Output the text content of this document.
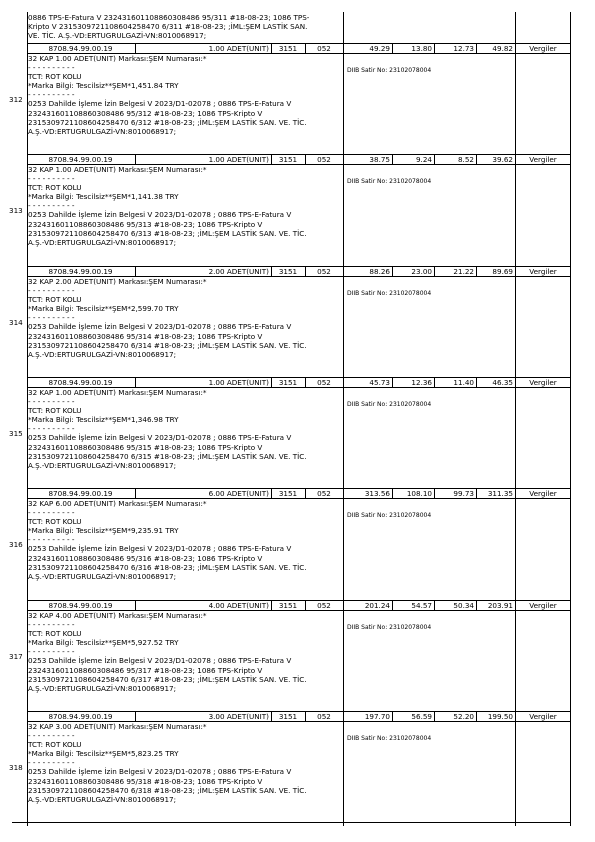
0886 TPS-E-Fatura V 232431601108860308486 95/311 #18-08-23; 1086 TPS-
Kripto V 2315309721108604258470 6/311 #18-08-23; ;İML:ŞEM LASTİK SAN.
VE. TİC. A.Ş.-VD:ERTUGRULGAZİ-VN:8010068917;
8708.94.99.00.19	1.00 ADET(UNIT)	3151	052	49.29	13.80	12.73	49.82	Vergiler
32 KAP 1.00 ADET(UNIT) Markası:ŞEM Numarası:*
- - - - - - - - - -
TCT: ROT KOLU
*Marka Bilgi: Tescilsiz**ŞEM*1,451.84 TRY
- - - - - - - - - -
0253 Dahilde İşleme İzin Belgesi V 2023/D1-02078 ; 0886 TPS-E-Fatura V
232431601108860308486 95/312 #18-08-23; 1086 TPS-Kripto V
2315309721108604258470 6/312 #18-08-23; ;İML:ŞEM LASTİK SAN. VE. TİC.
A.Ş.-VD:ERTUGRULGAZİ-VN:8010068917;
DIIB Satir No: 23102078004
312
8708.94.99.00.19	1.00 ADET(UNIT)	3151	052	38.75	9.24	8.52	39.62	Vergiler
32 KAP 1.00 ADET(UNIT) Markası:ŞEM Numarası:*
- - - - - - - - - -
TCT: ROT KOLU
*Marka Bilgi: Tescilsiz**ŞEM*1,141.38 TRY
- - - - - - - - - -
0253 Dahilde İşleme İzin Belgesi V 2023/D1-02078 ; 0886 TPS-E-Fatura V
232431601108860308486 95/313 #18-08-23; 1086 TPS-Kripto V
2315309721108604258470 6/313 #18-08-23; ;İML:ŞEM LASTİK SAN. VE. TİC.
A.Ş.-VD:ERTUGRULGAZİ-VN:8010068917;
DIIB Satir No: 23102078004
313
8708.94.99.00.19	2.00 ADET(UNIT)	3151	052	88.26	23.00	21.22	89.69	Vergiler
32 KAP 2.00 ADET(UNIT) Markası:ŞEM Numarası:*
- - - - - - - - - -
TCT: ROT KOLU
*Marka Bilgi: Tescilsiz**ŞEM*2,599.70 TRY
- - - - - - - - - -
0253 Dahilde İşleme İzin Belgesi V 2023/D1-02078 ; 0886 TPS-E-Fatura V
232431601108860308486 95/314 #18-08-23; 1086 TPS-Kripto V
2315309721108604258470 6/314 #18-08-23; ;İML:ŞEM LASTİK SAN. VE. TİC.
A.Ş.-VD:ERTUGRULGAZİ-VN:8010068917;
DIIB Satir No: 23102078004
314
8708.94.99.00.19	1.00 ADET(UNIT)	3151	052	45.73	12.36	11.40	46.35	Vergiler
32 KAP 1.00 ADET(UNIT) Markası:ŞEM Numarası:*
- - - - - - - - - -
TCT: ROT KOLU
*Marka Bilgi: Tescilsiz**ŞEM*1,346.98 TRY
- - - - - - - - - -
0253 Dahilde İşleme İzin Belgesi V 2023/D1-02078 ; 0886 TPS-E-Fatura V
232431601108860308486 95/315 #18-08-23; 1086 TPS-Kripto V
2315309721108604258470 6/315 #18-08-23; ;İML:ŞEM LASTİK SAN. VE. TİC.
A.Ş.-VD:ERTUGRULGAZİ-VN:8010068917;
DIIB Satir No: 23102078004
315
8708.94.99.00.19	6.00 ADET(UNIT)	3151	052	313.56	108.10	99.73	311.35	Vergiler
32 KAP 6.00 ADET(UNIT) Markası:ŞEM Numarası:*
- - - - - - - - - -
TCT: ROT KOLU
*Marka Bilgi: Tescilsiz**ŞEM*9,235.91 TRY
- - - - - - - - - -
0253 Dahilde İşleme İzin Belgesi V 2023/D1-02078 ; 0886 TPS-E-Fatura V
232431601108860308486 95/316 #18-08-23; 1086 TPS-Kripto V
2315309721108604258470 6/316 #18-08-23; ;İML:ŞEM LASTİK SAN. VE. TİC.
A.Ş.-VD:ERTUGRULGAZİ-VN:8010068917;
DIIB Satir No: 23102078004
316
8708.94.99.00.19	4.00 ADET(UNIT)	3151	052	201.24	54.57	50.34	203.91	Vergiler
32 KAP 4.00 ADET(UNIT) Markası:ŞEM Numarası:*
- - - - - - - - - -
TCT: ROT KOLU
*Marka Bilgi: Tescilsiz**ŞEM*5,927.52 TRY
- - - - - - - - - -
0253 Dahilde İşleme İzin Belgesi V 2023/D1-02078 ; 0886 TPS-E-Fatura V
232431601108860308486 95/317 #18-08-23; 1086 TPS-Kripto V
2315309721108604258470 6/317 #18-08-23; ;İML:ŞEM LASTİK SAN. VE. TİC.
A.Ş.-VD:ERTUGRULGAZİ-VN:8010068917;
DIIB Satir No: 23102078004
317
8708.94.99.00.19	3.00 ADET(UNIT)	3151	052	197.70	56.59	52.20	199.50	Vergiler
32 KAP 3.00 ADET(UNIT) Markası:ŞEM Numarası:*
- - - - - - - - - -
TCT: ROT KOLU
*Marka Bilgi: Tescilsiz**ŞEM*5,823.25 TRY
- - - - - - - - - -
0253 Dahilde İşleme İzin Belgesi V 2023/D1-02078 ; 0886 TPS-E-Fatura V
232431601108860308486 95/318 #18-08-23; 1086 TPS-Kripto V
2315309721108604258470 6/318 #18-08-23; ;İML:ŞEM LASTİK SAN. VE. TİC.
A.Ş.-VD:ERTUGRULGAZİ-VN:8010068917;
DIIB Satir No: 23102078004
318
